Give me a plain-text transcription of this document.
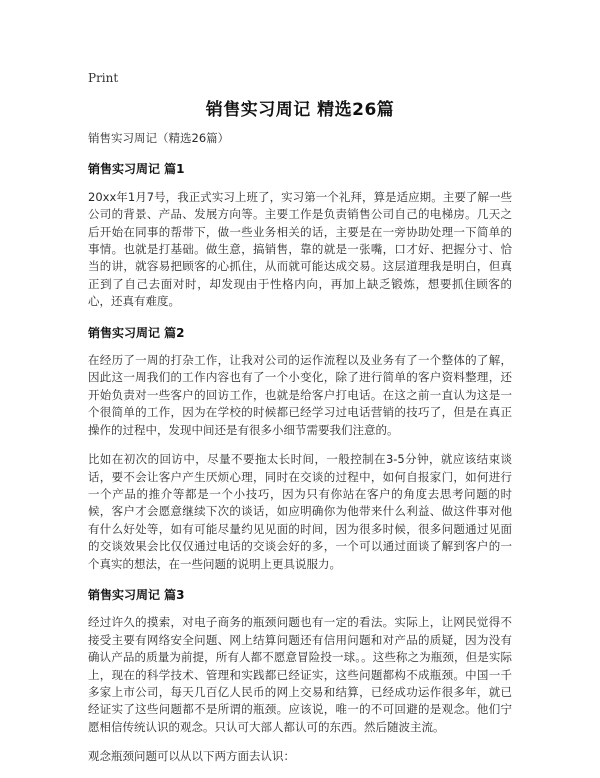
Print
销售实习周记 精选26篇

销售实习周记（精选26篇）

销售实习周记 篇1

20xx年1月7号，我正式实习上班了，实习第一个礼拜，算是适应期。主要了解一些公司的背景、产品、发展方向等。主要工作是负责销售公司自己的电梯房。几天之后开始在同事的帮带下，做一些业务相关的话，主要是在一旁协助处理一下简单的事情。也就是打基础。做生意，搞销售，靠的就是一张嘴，口才好、把握分寸、恰当的讲，就容易把顾客的心抓住，从而就可能达成交易。这层道理我是明白，但真正到了自己去面对时，却发现由于性格内向，再加上缺乏锻炼，想要抓住顾客的心，还真有难度。

销售实习周记 篇2

在经历了一周的打杂工作，让我对公司的运作流程以及业务有了一个整体的了解，因此这一周我们的工作内容也有了一个小变化，除了进行简单的客户资料整理，还开始负责对一些客户的回访工作，也就是给客户打电话。在这之前一直认为这是一个很简单的工作，因为在学校的时候都已经学习过电话营销的技巧了，但是在真正操作的过程中，发现中间还是有很多小细节需要我们注意的。

比如在初次的回访中，尽量不要拖太长时间，一般控制在3-5分钟，就应该结束谈话，要不会让客户产生厌烦心理，同时在交谈的过程中，如何自报家门，如何进行一个产品的推介等都是一个小技巧，因为只有你站在客户的角度去思考问题的时候，客户才会愿意继续下次的谈话，如应明确你为他带来什么利益、做这件事对他有什么好处等，如有可能尽量约见见面的时间，因为很多时候，很多问题通过见面的交谈效果会比仅仅通过电话的交谈会好的多，一个可以通过面谈了解到客户的一个真实的想法，在一些问题的说明上更具说服力。

销售实习周记 篇3

经过许久的摸索，对电子商务的瓶颈问题也有一定的看法。实际上，让网民觉得不接受主要有网络安全问题、网上结算问题还有信用问题和对产品的质疑，因为没有确认产品的质量为前提，所有人都不愿意冒险投一球。。这些称之为瓶颈，但是实际上，现在的科学技术、管理和实践都已经证实，这些问题都构不成瓶颈。中国一千多家上市公司，每天几百亿人民币的网上交易和结算，已经成功运作很多年，就已经证实了这些问题都不是所谓的瓶颈。应该说，唯一的不可回避的是观念。他们宁愿相信传统认识的观念。只认可大部人都认可的东西。然后随波主流。

观念瓶颈问题可以从以下两方面去认识：
